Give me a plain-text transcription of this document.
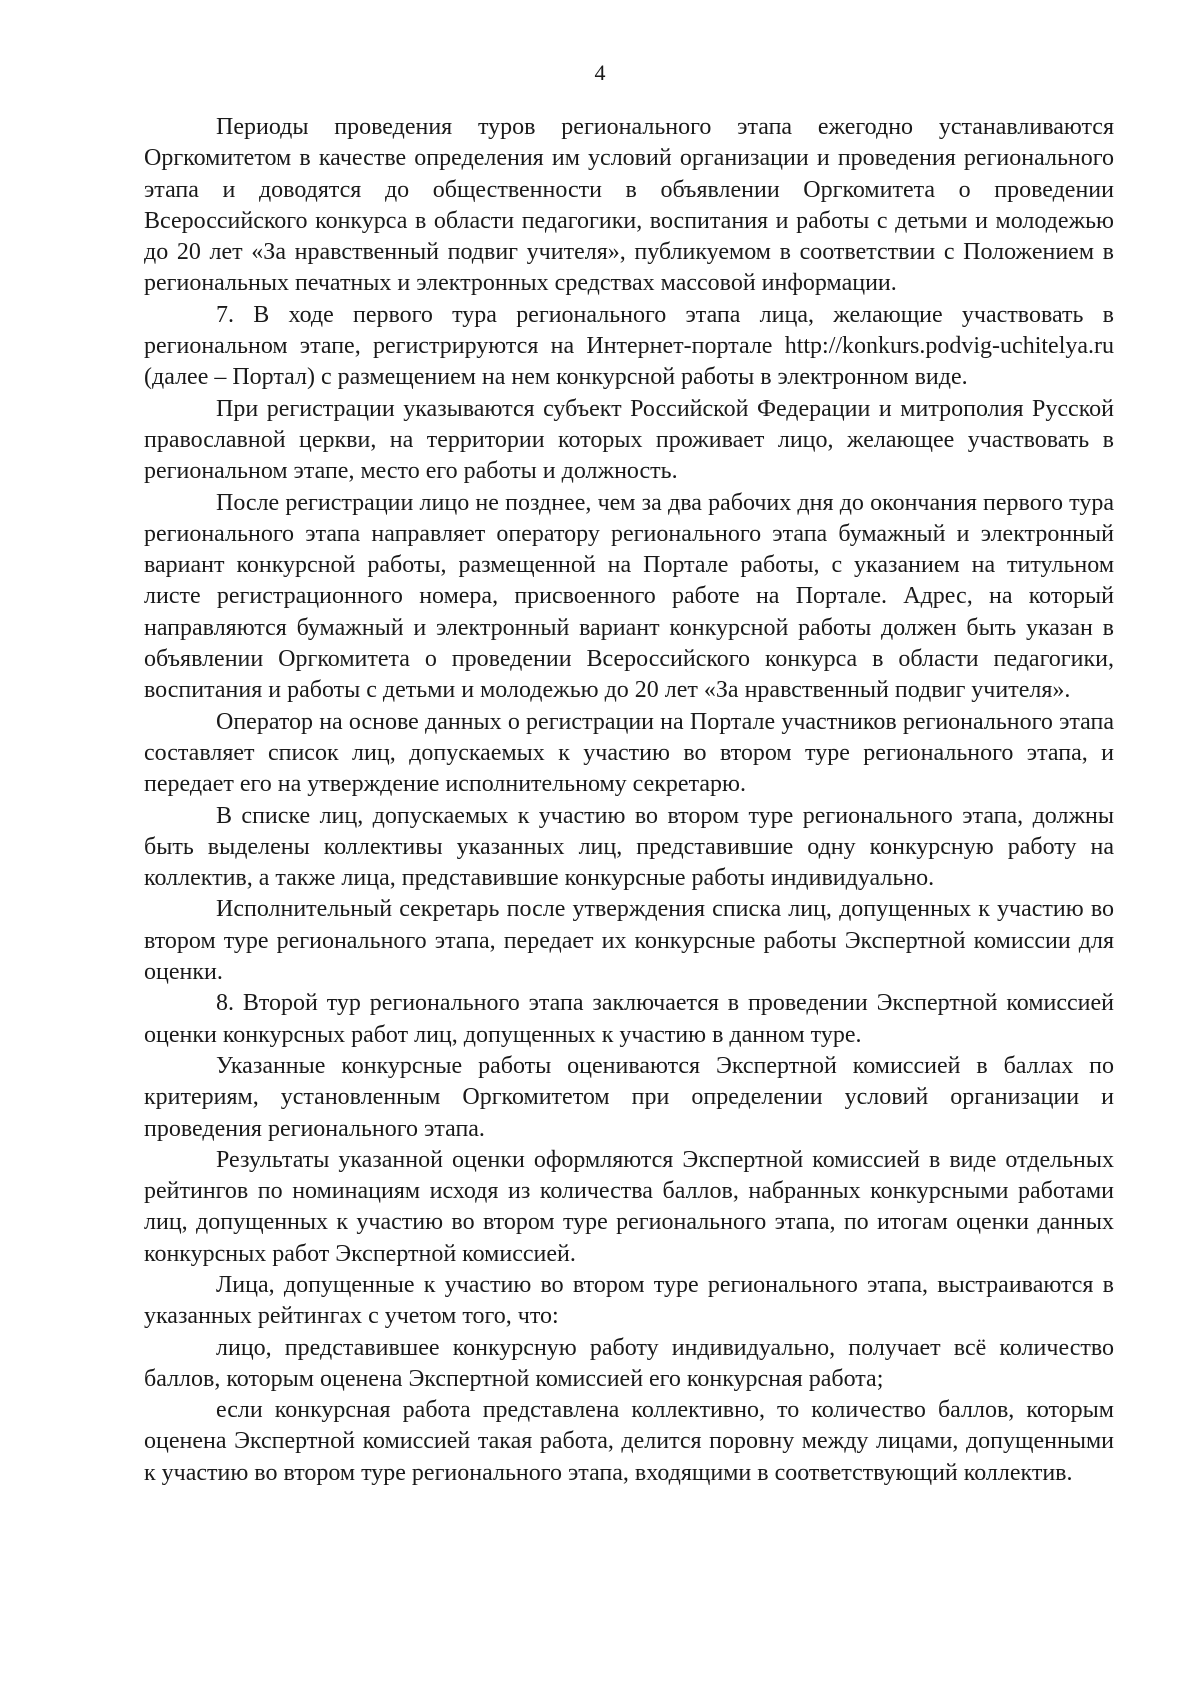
4

Периоды проведения туров регионального этапа ежегодно устанавливаются Оргкомитетом в качестве определения им условий организации и проведения регионального этапа и доводятся до общественности в объявлении Оргкомитета о проведении Всероссийского конкурса в области педагогики, воспитания и работы с детьми и молодежью до 20 лет «За нравственный подвиг учителя», публикуемом в соответствии с Положением в региональных печатных и электронных средствах массовой информации.

7. В ходе первого тура регионального этапа лица, желающие участвовать в региональном этапе, регистрируются на Интернет-портале http://konkurs.podvig-uchitelya.ru (далее – Портал) с размещением на нем конкурсной работы в электронном виде.

При регистрации указываются субъект Российской Федерации и митрополия Русской православной церкви, на территории которых проживает лицо, желающее участвовать в региональном этапе, место его работы и должность.

После регистрации лицо не позднее, чем за два рабочих дня до окончания первого тура регионального этапа направляет оператору регионального этапа бумажный и электронный вариант конкурсной работы, размещенной на Портале работы, с указанием на титульном листе регистрационного номера, присвоенного работе на Портале. Адрес, на который направляются бумажный и электронный вариант конкурсной работы должен быть указан в объявлении Оргкомитета о проведении Всероссийского конкурса в области педагогики, воспитания и работы с детьми и молодежью до 20 лет «За нравственный подвиг учителя».

Оператор на основе данных о регистрации на Портале участников регионального этапа составляет список лиц, допускаемых к участию во втором туре регионального этапа, и передает его на утверждение исполнительному секретарю.

В списке лиц, допускаемых к участию во втором туре регионального этапа, должны быть выделены коллективы указанных лиц, представившие одну конкурсную работу на коллектив, а также лица, представившие конкурсные работы индивидуально.

Исполнительный секретарь после утверждения списка лиц, допущенных к участию во втором туре регионального этапа, передает их конкурсные работы Экспертной комиссии для оценки.

8. Второй тур регионального этапа заключается в проведении Экспертной комиссией оценки конкурсных работ лиц, допущенных к участию в данном туре.

Указанные конкурсные работы оцениваются Экспертной комиссией в баллах по критериям, установленным Оргкомитетом при определении условий организации и проведения регионального этапа.

Результаты указанной оценки оформляются Экспертной комиссией в виде отдельных рейтингов по номинациям исходя из количества баллов, набранных конкурсными работами лиц, допущенных к участию во втором туре регионального этапа, по итогам оценки данных конкурсных работ Экспертной комиссией.

Лица, допущенные к участию во втором туре регионального этапа, выстраиваются в указанных рейтингах с учетом того, что:

лицо, представившее конкурсную работу индивидуально, получает всё количество баллов, которым оценена Экспертной комиссией его конкурсная работа;

если конкурсная работа представлена коллективно, то количество баллов, которым оценена Экспертной комиссией такая работа, делится поровну между лицами, допущенными к участию во втором туре регионального этапа, входящими в соответствующий коллектив.
